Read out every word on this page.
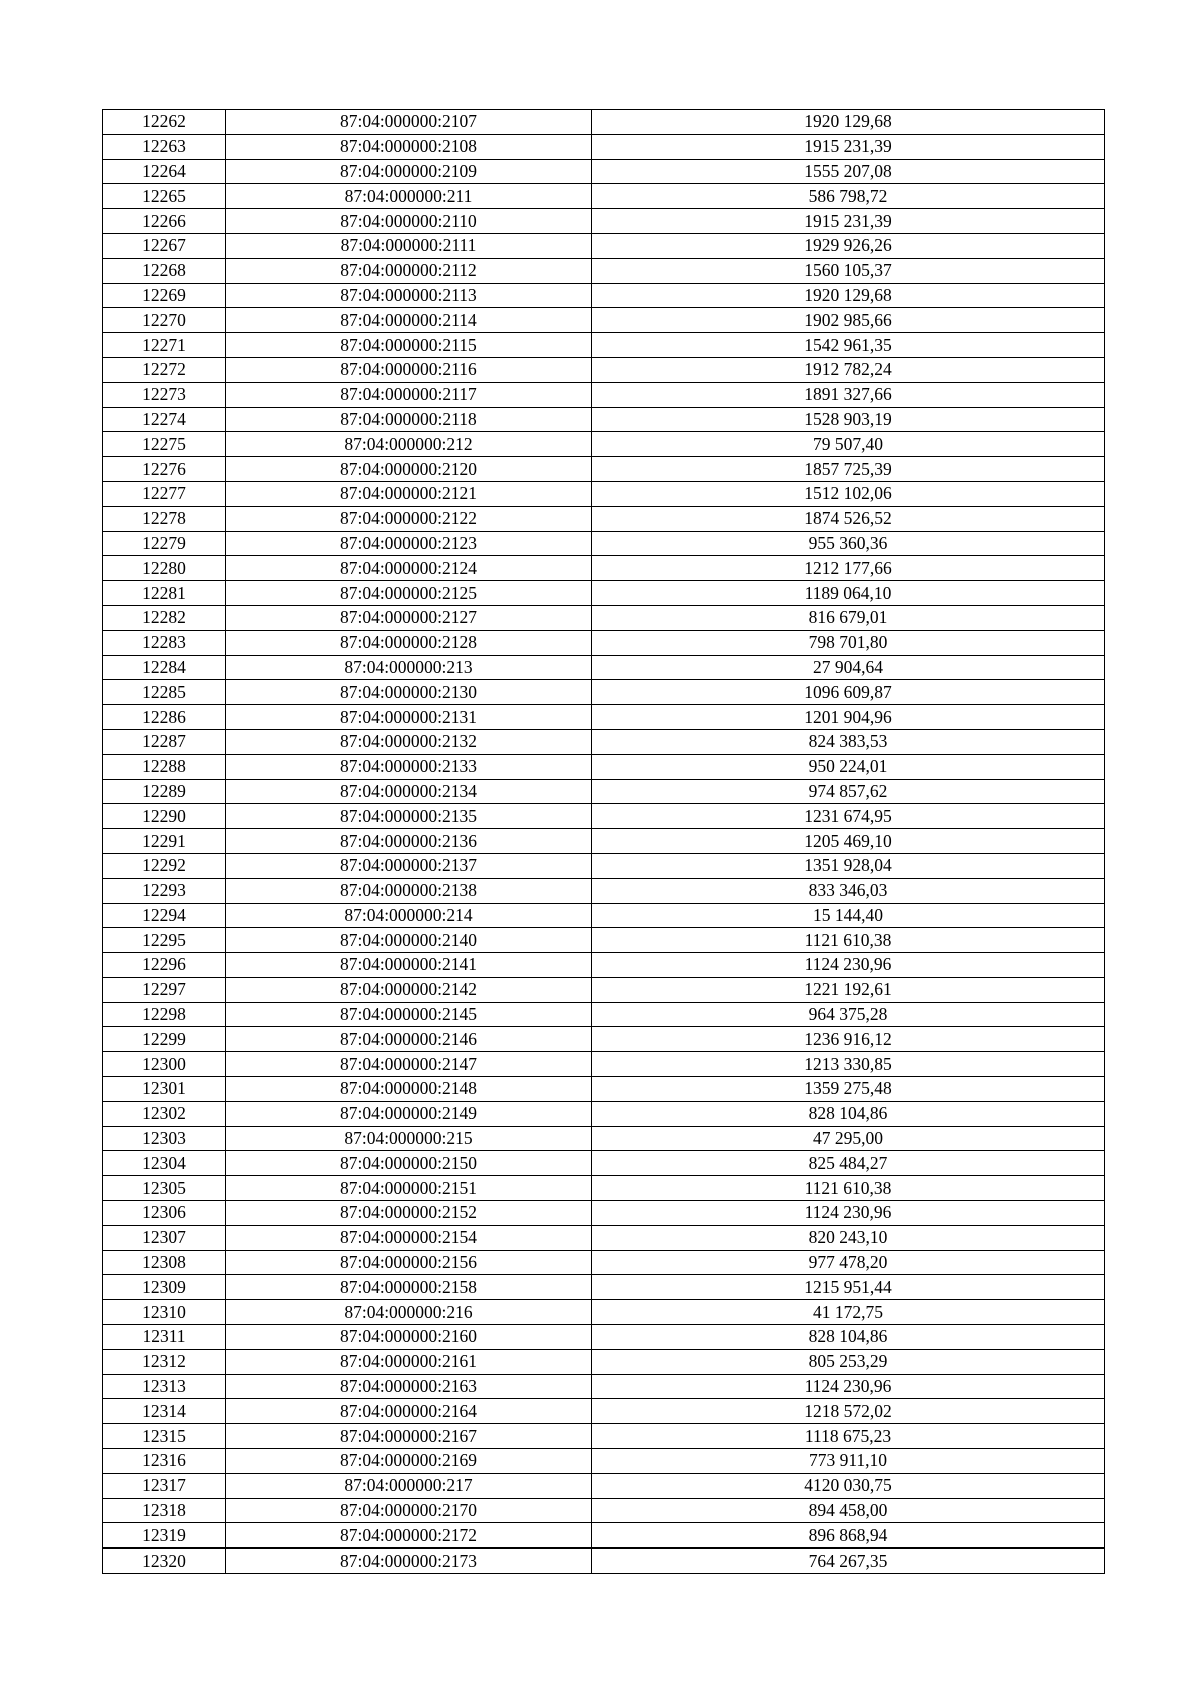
12262	87:04:000000:2107	1920 129,68
12263	87:04:000000:2108	1915 231,39
12264	87:04:000000:2109	1555 207,08
12265	87:04:000000:211	586 798,72
12266	87:04:000000:2110	1915 231,39
12267	87:04:000000:2111	1929 926,26
12268	87:04:000000:2112	1560 105,37
12269	87:04:000000:2113	1920 129,68
12270	87:04:000000:2114	1902 985,66
12271	87:04:000000:2115	1542 961,35
12272	87:04:000000:2116	1912 782,24
12273	87:04:000000:2117	1891 327,66
12274	87:04:000000:2118	1528 903,19
12275	87:04:000000:212	79 507,40
12276	87:04:000000:2120	1857 725,39
12277	87:04:000000:2121	1512 102,06
12278	87:04:000000:2122	1874 526,52
12279	87:04:000000:2123	955 360,36
12280	87:04:000000:2124	1212 177,66
12281	87:04:000000:2125	1189 064,10
12282	87:04:000000:2127	816 679,01
12283	87:04:000000:2128	798 701,80
12284	87:04:000000:213	27 904,64
12285	87:04:000000:2130	1096 609,87
12286	87:04:000000:2131	1201 904,96
12287	87:04:000000:2132	824 383,53
12288	87:04:000000:2133	950 224,01
12289	87:04:000000:2134	974 857,62
12290	87:04:000000:2135	1231 674,95
12291	87:04:000000:2136	1205 469,10
12292	87:04:000000:2137	1351 928,04
12293	87:04:000000:2138	833 346,03
12294	87:04:000000:214	15 144,40
12295	87:04:000000:2140	1121 610,38
12296	87:04:000000:2141	1124 230,96
12297	87:04:000000:2142	1221 192,61
12298	87:04:000000:2145	964 375,28
12299	87:04:000000:2146	1236 916,12
12300	87:04:000000:2147	1213 330,85
12301	87:04:000000:2148	1359 275,48
12302	87:04:000000:2149	828 104,86
12303	87:04:000000:215	47 295,00
12304	87:04:000000:2150	825 484,27
12305	87:04:000000:2151	1121 610,38
12306	87:04:000000:2152	1124 230,96
12307	87:04:000000:2154	820 243,10
12308	87:04:000000:2156	977 478,20
12309	87:04:000000:2158	1215 951,44
12310	87:04:000000:216	41 172,75
12311	87:04:000000:2160	828 104,86
12312	87:04:000000:2161	805 253,29
12313	87:04:000000:2163	1124 230,96
12314	87:04:000000:2164	1218 572,02
12315	87:04:000000:2167	1118 675,23
12316	87:04:000000:2169	773 911,10
12317	87:04:000000:217	4120 030,75
12318	87:04:000000:2170	894 458,00
12319	87:04:000000:2172	896 868,94
12320	87:04:000000:2173	764 267,35
